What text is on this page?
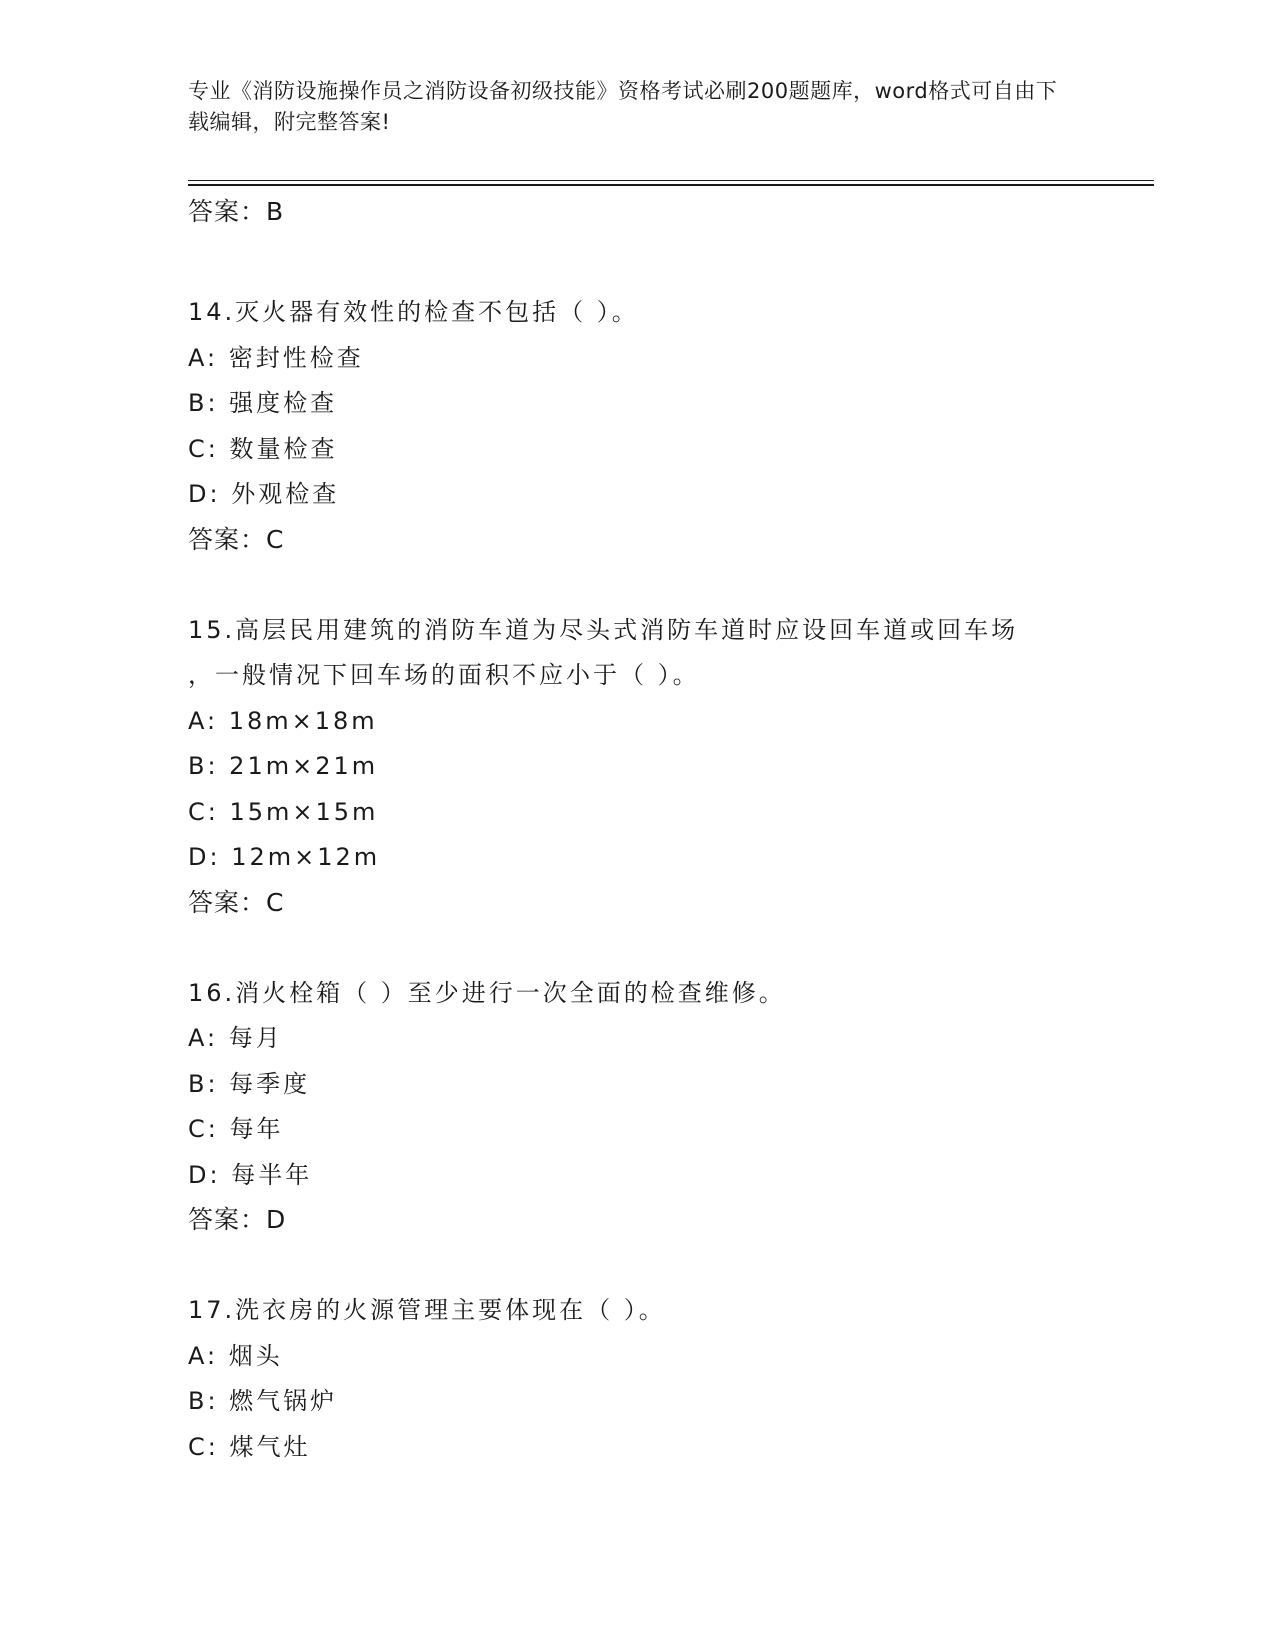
专业《消防设施操作员之消防设备初级技能》资格考试必刷200题题库，word格式可自由下载编辑，附完整答案!
答案：B
14.灭火器有效性的检查不包括（ ）。
A: 密封性检查
B: 强度检查
C: 数量检查
D: 外观检查
答案：C
15.高层民用建筑的消防车道为尽头式消防车道时应设回车道或回车场
，一般情况下回车场的面积不应小于（ ）。
A: 18m×18m
B: 21m×21m
C: 15m×15m
D: 12m×12m
答案：C
16.消火栓箱（ ）至少进行一次全面的检查维修。
A: 每月
B: 每季度
C: 每年
D: 每半年
答案：D
17.洗衣房的火源管理主要体现在（ ）。
A: 烟头
B: 燃气锅炉
C: 煤气灶
